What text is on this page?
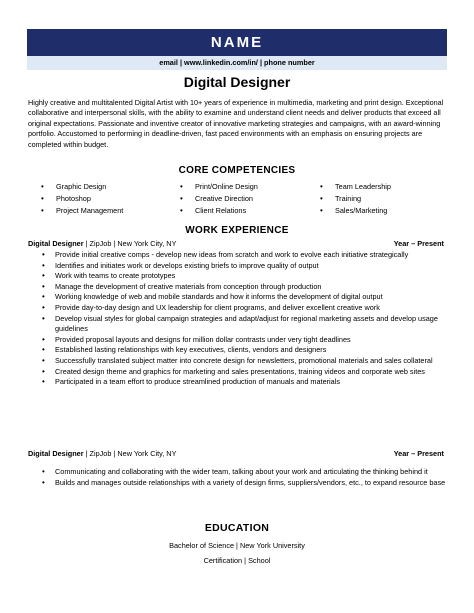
NAME
email | www.linkedin.com/in/ | phone number
Digital Designer
Highly creative and multitalented Digital Artist with 10+ years of experience in multimedia, marketing and print design. Exceptional collaborative and interpersonal skills, with the ability to examine and understand client needs and deliver products that exceed all original expectations. Passionate and inventive creator of innovative marketing strategies and campaigns, with an award-winning portfolio. Accustomed to performing in deadline-driven, fast paced environments with an emphasis on ensuring projects are completed within budget.
CORE COMPETENCIES
• Graphic Design
• Photoshop
• Project Management
• Print/Online Design
• Creative Direction
• Client Relations
• Team Leadership
• Training
• Sales/Marketing
WORK EXPERIENCE
Digital Designer | ZipJob | New York City, NY	Year – Present
• Provide initial creative comps - develop new ideas from scratch and work to evolve each initiative strategically
• Identifies and initiates work or develops existing briefs to improve quality of output
• Work with teams to create prototypes
• Manage the development of creative materials from conception through production
• Working knowledge of web and mobile standards and how it informs the development of digital output
• Provide day-to-day design and UX leadership for client programs, and deliver excellent creative work
• Develop visual styles for global campaign strategies and adapt/adjust for regional marketing assets and develop usage guidelines
• Provided proposal layouts and designs for million dollar contrasts under very tight deadlines
• Established lasting relationships with key executives, clients, vendors and designers
• Successfully translated subject matter into concrete design for newsletters, promotional materials and sales collateral
• Created design theme and graphics for marketing and sales presentations, training videos and corporate web sites
• Participated in a team effort to produce streamlined production of manuals and materials
Digital Designer | ZipJob | New York City, NY	Year – Present
• Communicating and collaborating with the wider team, talking about your work and articulating the thinking behind it
• Builds and manages outside relationships with a variety of design firms, suppliers/vendors, etc., to expand resource base
EDUCATION
Bachelor of Science | New York University
Certification | School
